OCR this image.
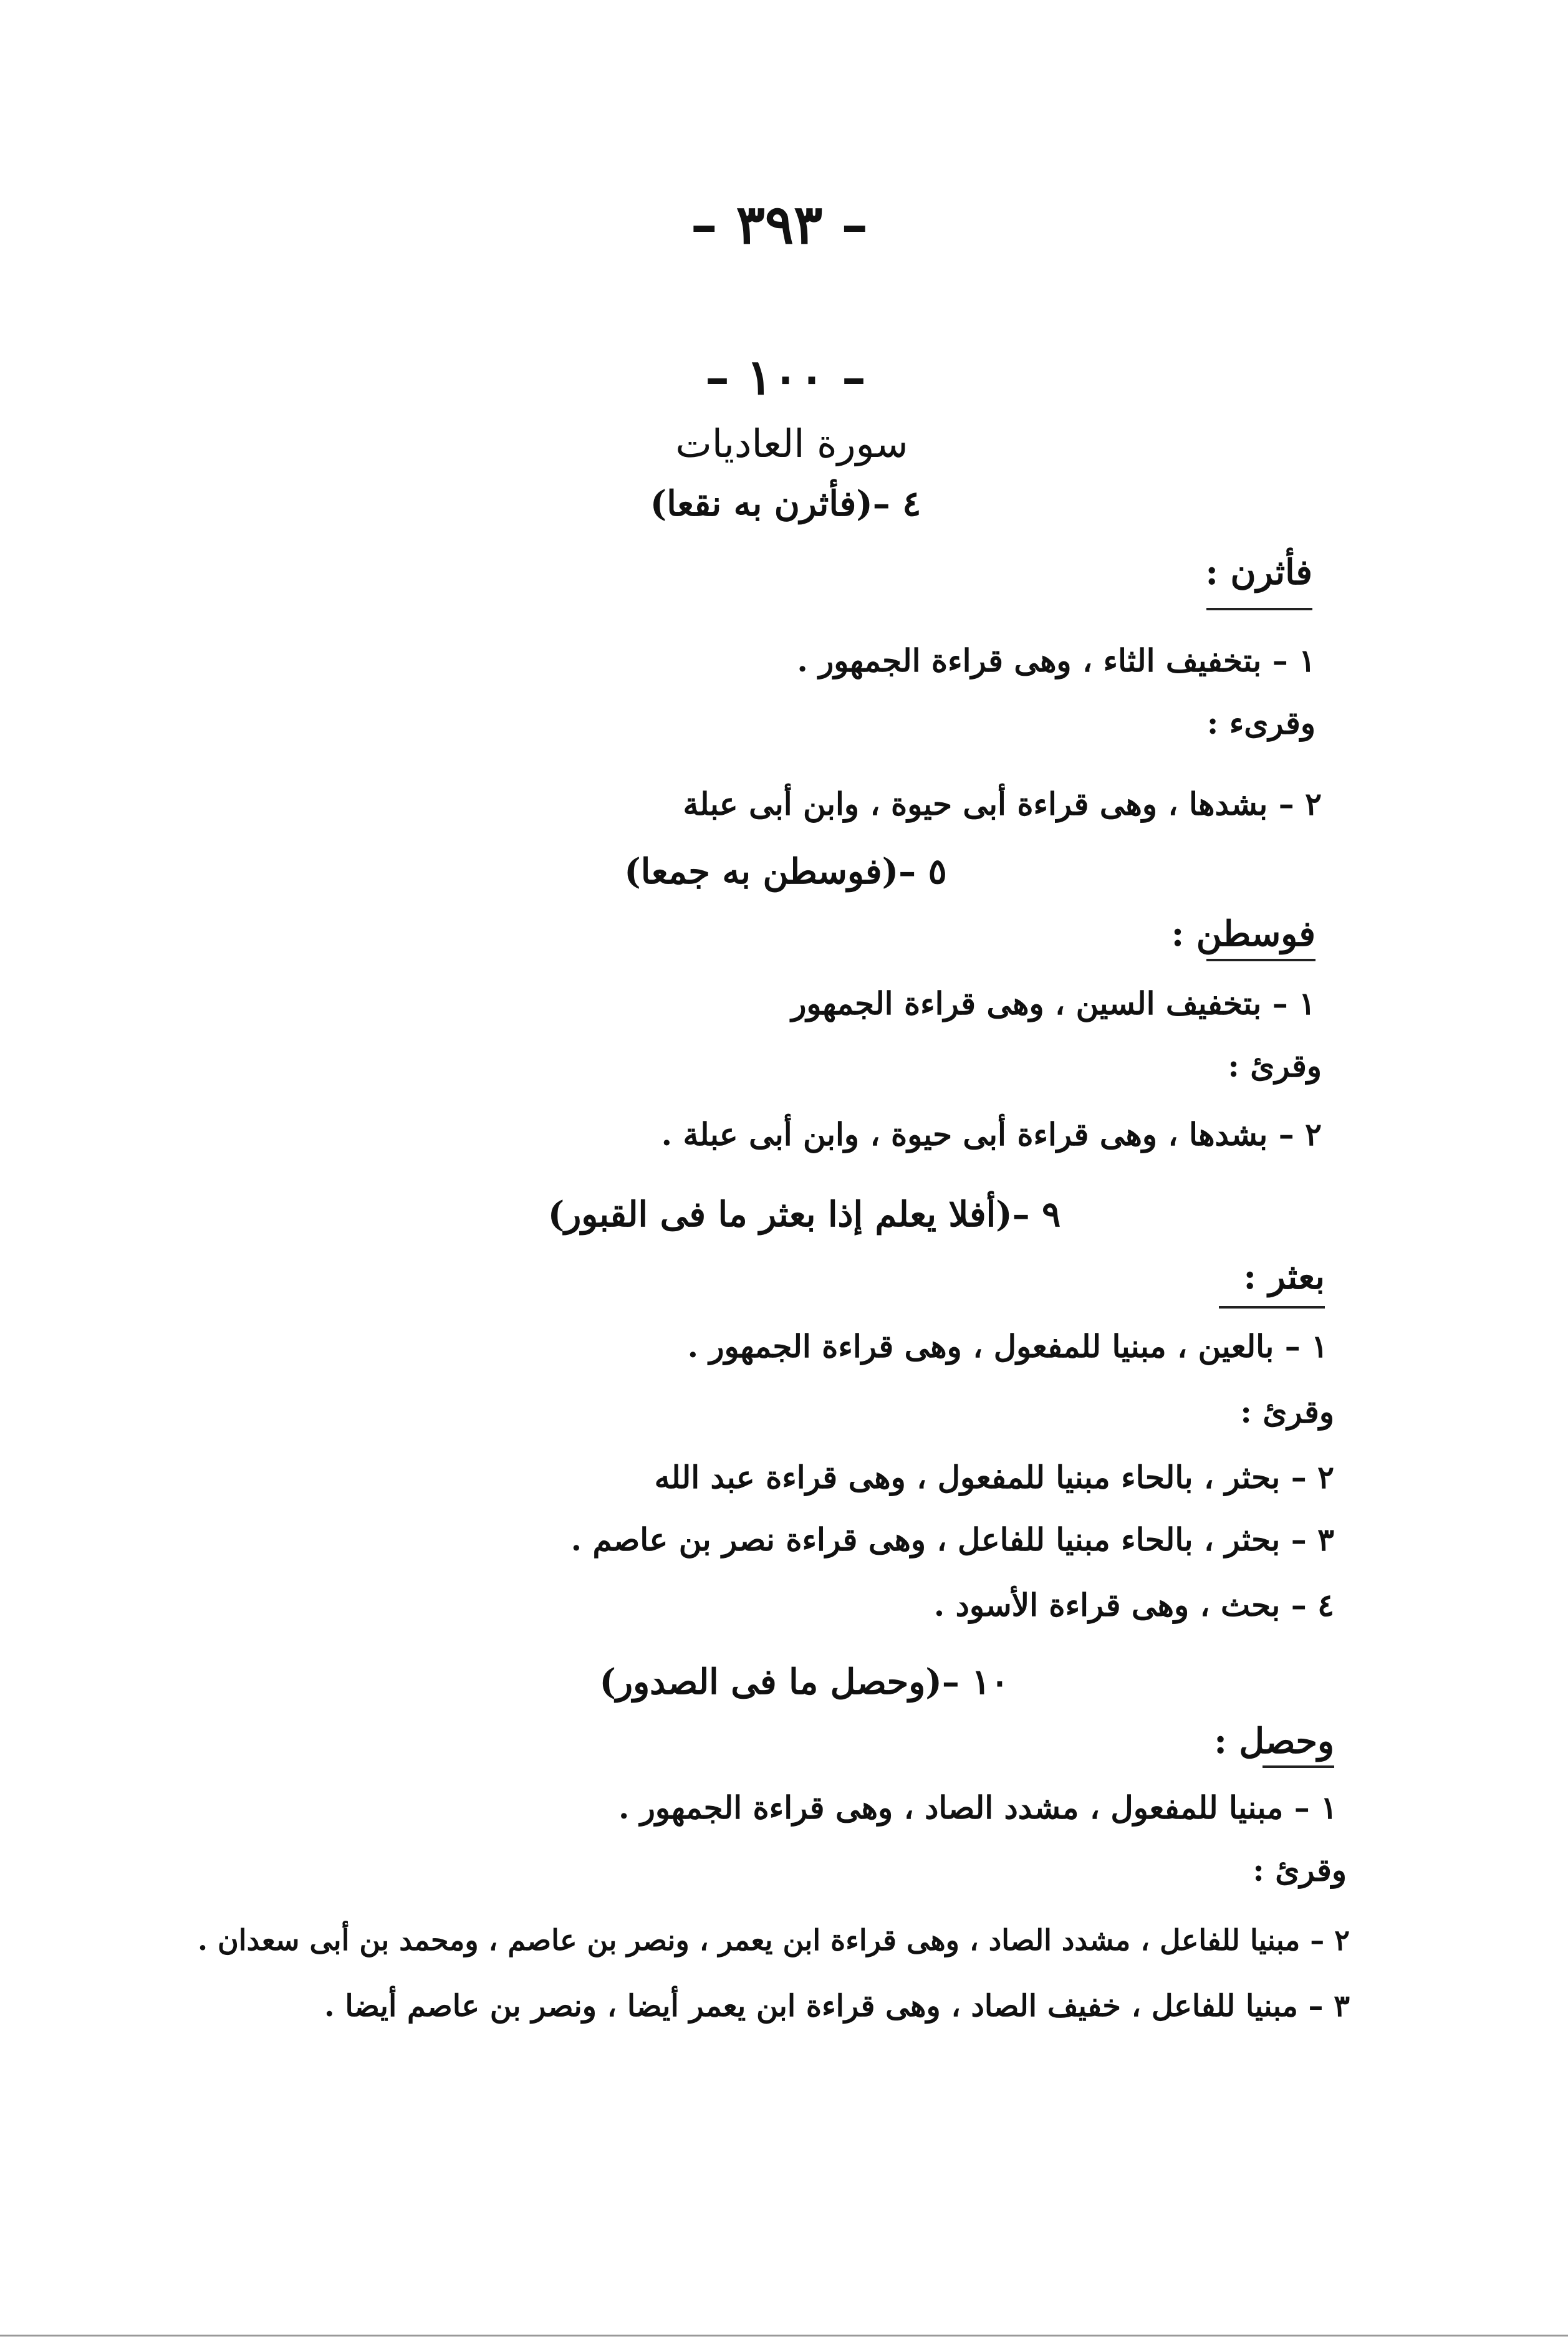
– ٣٩٣ –
– ١٠٠ –
سورة العاديات
٤ –(فأثرن به نقعا)
فأثرن :
١ – بتخفيف الثاء ، وهى قراءة الجمهور .
وقرىء :
٢ – بشدها ، وهى قراءة أبى حيوة ، وابن أبى عبلة
٥ –(فوسطن به جمعا)
فوسطن :
١ – بتخفيف السين ، وهى قراءة الجمهور
وقرئ :
٢ – بشدها ، وهى قراءة أبى حيوة ، وابن أبى عبلة .
٩ –(أفلا يعلم إذا بعثر ما فى القبور)
بعثر :
١ – بالعين ، مبنيا للمفعول ، وهى قراءة الجمهور .
وقرئ :
٢ – بحثر ، بالحاء مبنيا للمفعول ، وهى قراءة عبد الله
٣ – بحثر ، بالحاء مبنيا للفاعل ، وهى قراءة نصر بن عاصم .
٤ – بحث ، وهى قراءة الأسود .
١٠ –(وحصل ما فى الصدور)
وحصل :
١ – مبنيا للمفعول ، مشدد الصاد ، وهى قراءة الجمهور .
وقرئ :
٢ – مبنيا للفاعل ، مشدد الصاد ، وهى قراءة ابن يعمر ، ونصر بن عاصم ، ومحمد بن أبى سعدان .
٣ – مبنيا للفاعل ، خفيف الصاد ، وهى قراءة ابن يعمر أيضا ، ونصر بن عاصم أيضا .
